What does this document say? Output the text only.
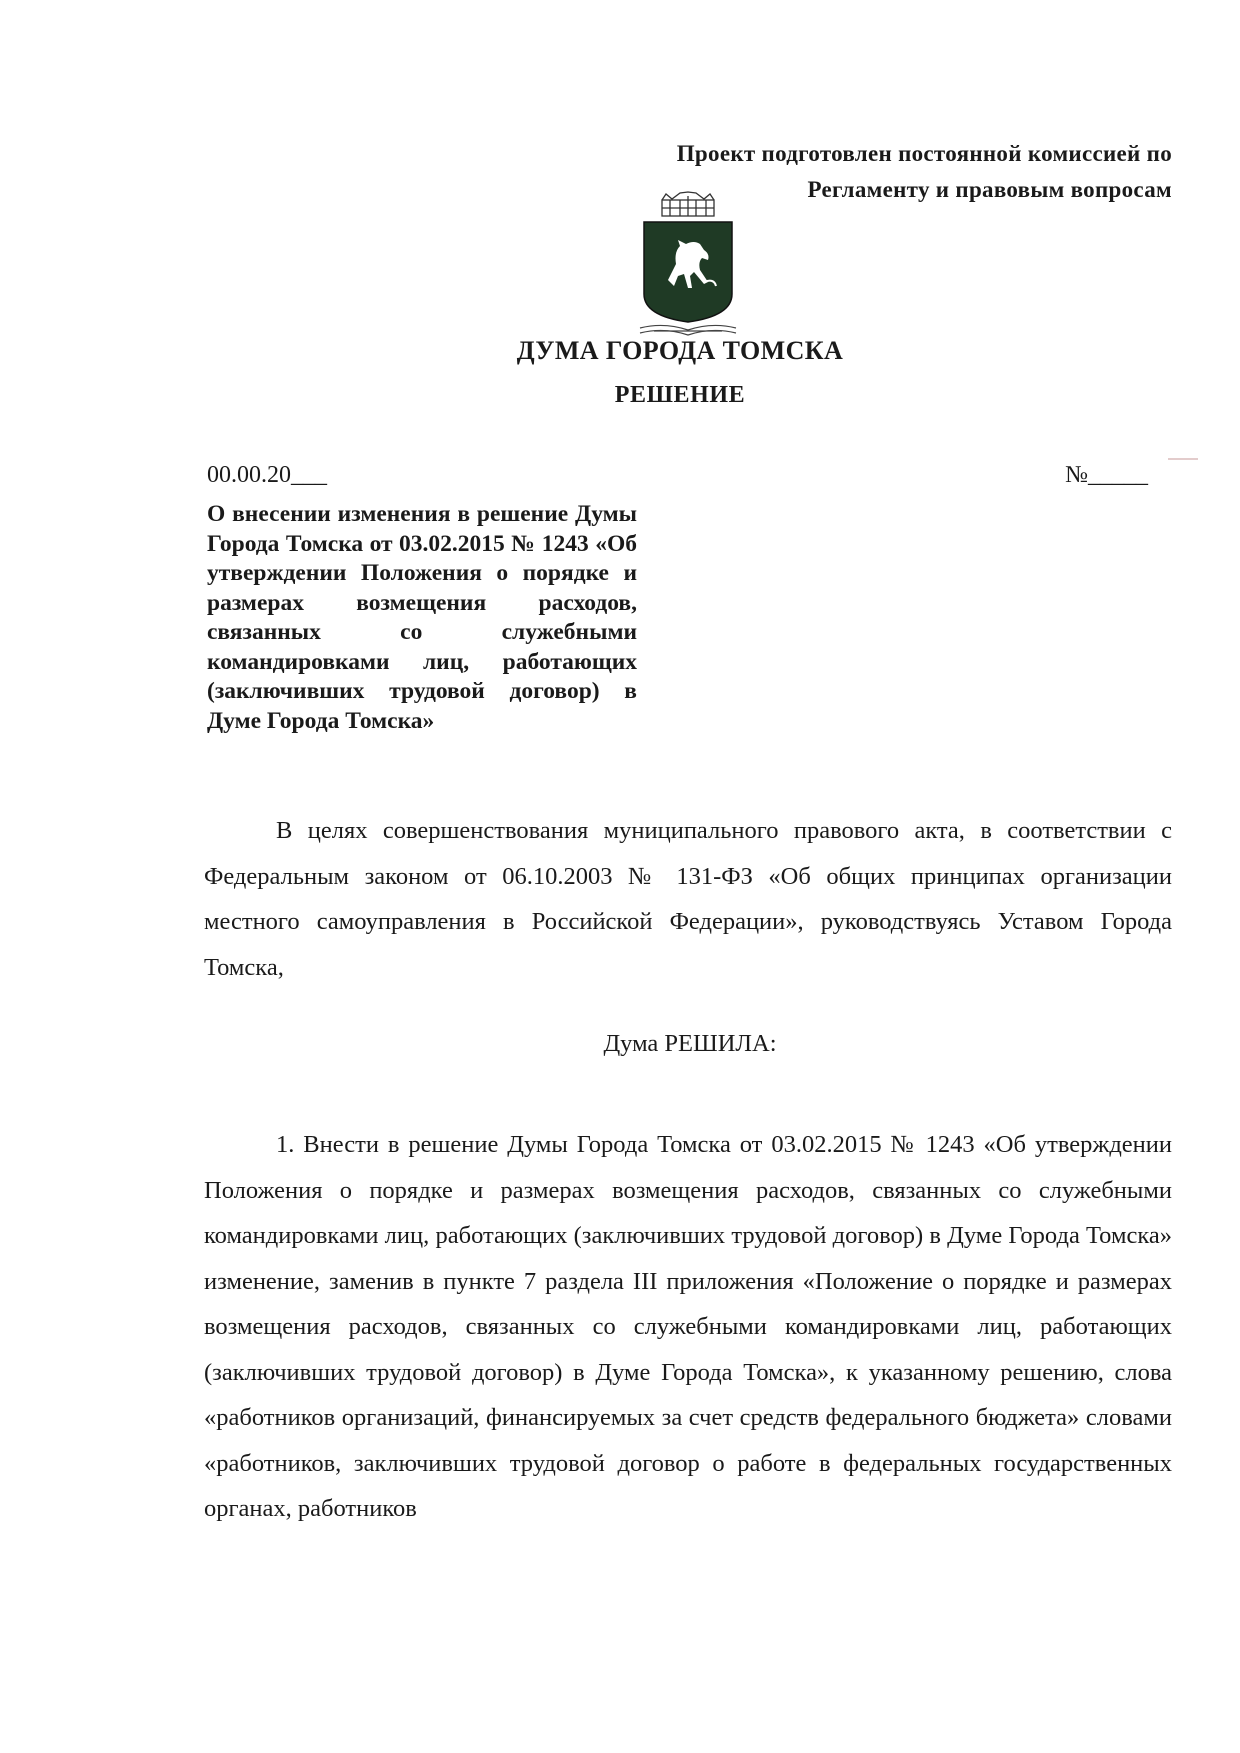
Проект подготовлен постоянной комиссией по
Регламенту и правовым вопросам
ДУМА ГОРОДА ТОМСКА
РЕШЕНИЕ
00.00.20___	№_____
О внесении изменения в решение Думы Города Томска от 03.02.2015 № 1243 «Об утверждении Положения о порядке и размерах возмещения расходов, связанных со служебными командировками лиц, работающих (заключивших трудовой договор) в Думе Города Томска»

В целях совершенствования муниципального правового акта, в соответствии с Федеральным законом от 06.10.2003 № 131-ФЗ «Об общих принципах организации местного самоуправления в Российской Федерации», руководствуясь Уставом Города Томска,

Дума РЕШИЛА:

1. Внести в решение Думы Города Томска от 03.02.2015 № 1243 «Об утверждении Положения о порядке и размерах возмещения расходов, связанных со служебными командировками лиц, работающих (заключивших трудовой договор) в Думе Города Томска» изменение, заменив в пункте 7 раздела III приложения «Положение о порядке и размерах возмещения расходов, связанных со служебными командировками лиц, работающих (заключивших трудовой договор) в Думе Города Томска», к указанному решению, слова «работников организаций, финансируемых за счет средств федерального бюджета» словами «работников, заключивших трудовой договор о работе в федеральных государственных органах, работников
